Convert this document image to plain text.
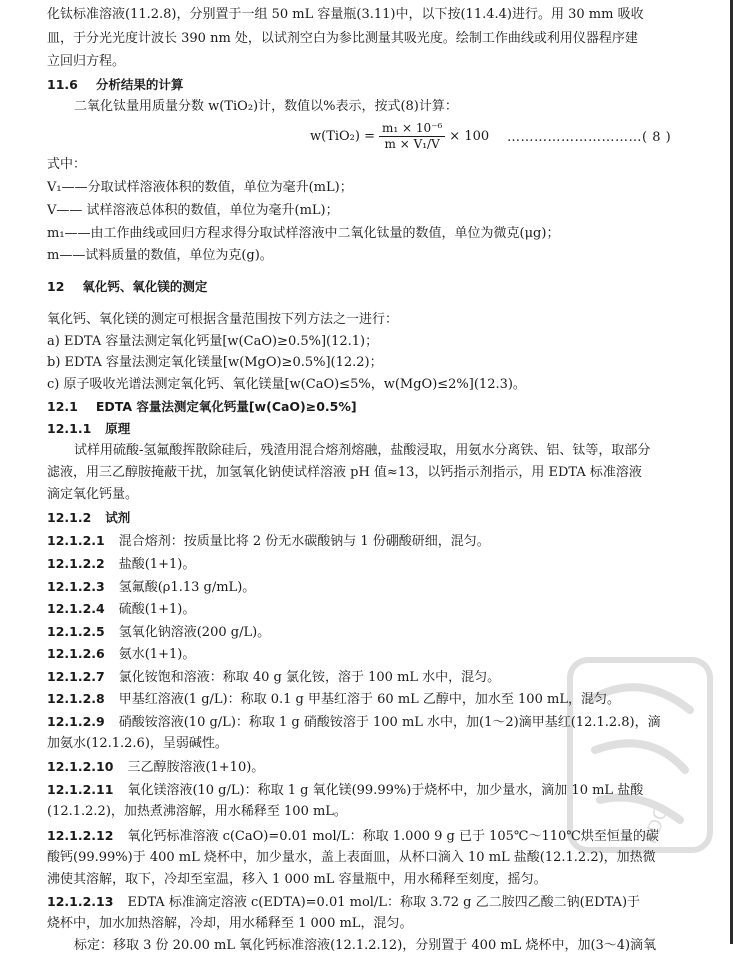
化钛标准溶液(11.2.8)，分别置于一组 50 mL 容量瓶(3.11)中，以下按(11.4.4)进行。用 30 mm 吸收
皿，于分光光度计波长 390 nm 处，以试剂空白为参比测量其吸光度。绘制工作曲线或利用仪器程序建
立回归方程。
11.6 分析结果的计算
二氧化钛量用质量分数 w(TiO₂)计，数值以%表示，按式(8)计算：
式中：
V₁——分取试样溶液体积的数值，单位为毫升(mL)；
V—— 试样溶液总体积的数值，单位为毫升(mL)；
m₁——由工作曲线或回归方程求得分取试样溶液中二氧化钛量的数值，单位为微克(μg)；
m——试料质量的数值，单位为克(g)。
12 氧化钙、氧化镁的测定
氧化钙、氧化镁的测定可根据含量范围按下列方法之一进行：
a) EDTA 容量法测定氧化钙量[w(CaO)≥0.5%](12.1)；
b) EDTA 容量法测定氧化镁量[w(MgO)≥0.5%](12.2)；
c) 原子吸收光谱法测定氧化钙、氧化镁量[w(CaO)≤5%，w(MgO)≤2%](12.3)。
12.1 EDTA 容量法测定氧化钙量[w(CaO)≥0.5%]
12.1.1 原理
试样用硫酸-氢氟酸挥散除硅后，残渣用混合熔剂熔融，盐酸浸取，用氨水分离铁、铝、钛等，取部分
滤液，用三乙醇胺掩蔽干扰，加氢氧化钠使试样溶液 pH 值≈13，以钙指示剂指示，用 EDTA 标准溶液
滴定氧化钙量。
12.1.2 试剂
12.1.2.1 混合熔剂：按质量比将 2 份无水碳酸钠与 1 份硼酸研细，混匀。
12.1.2.2 盐酸(1+1)。
12.1.2.3 氢氟酸(ρ1.13 g/mL)。
12.1.2.4 硫酸(1+1)。
12.1.2.5 氢氧化钠溶液(200 g/L)。
12.1.2.6 氨水(1+1)。
12.1.2.7 氯化铵饱和溶液：称取 40 g 氯化铵，溶于 100 mL 水中，混匀。
12.1.2.8 甲基红溶液(1 g/L)：称取 0.1 g 甲基红溶于 60 mL 乙醇中，加水至 100 mL，混匀。
12.1.2.9 硝酸铵溶液(10 g/L)：称取 1 g 硝酸铵溶于 100 mL 水中，加(1～2)滴甲基红(12.1.2.8)，滴
加氨水(12.1.2.6)，呈弱碱性。
12.1.2.10 三乙醇胺溶液(1+10)。
12.1.2.11 氧化镁溶液(10 g/L)：称取 1 g 氧化镁(99.99%)于烧杯中，加少量水，滴加 10 mL 盐酸
(12.1.2.2)，加热煮沸溶解，用水稀释至 100 mL。
12.1.2.12 氧化钙标准溶液 c(CaO)=0.01 mol/L：称取 1.000 9 g 已于 105℃～110℃烘至恒量的碳
酸钙(99.99%)于 400 mL 烧杯中，加少量水，盖上表面皿，从杯口滴入 10 mL 盐酸(12.1.2.2)，加热微
沸使其溶解，取下，冷却至室温，移入 1 000 mL 容量瓶中，用水稀释至刻度，摇匀。
12.1.2.13 EDTA 标准滴定溶液 c(EDTA)=0.01 mol/L：称取 3.72 g 乙二胺四乙酸二钠(EDTA)于
烧杯中，加水加热溶解，冷却，用水稀释至 1 000 mL，混匀。
标定：移取 3 份 20.00 mL 氧化钙标准溶液(12.1.2.12)，分别置于 400 mL 烧杯中，加(3～4)滴氧
$w(TiO_2) = \frac{\text{m₁ × 10⁻⁶}}{\text{m × V₁/V}} \times 100$ …………………………( 8 )
PDG
